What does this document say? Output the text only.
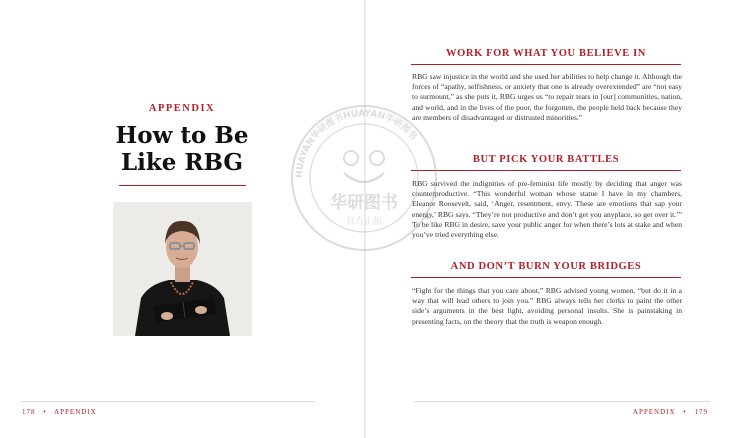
APPENDIX
How to Be
Like RBG
178 • APPENDIX
WORK FOR WHAT YOU BELIEVE IN
RBG saw injustice in the world and she used her abilities to help change it. Although the forces of “apathy, selfishness, or anxiety that one is already overextended” are “not easy to surmount,” as she puts it, RBG urges us “to repair tears in [our] communities, nation, and world, and in the lives of the poor, the forgotten, the people held back because they are members of disadvantaged or distrusted minorities.”
BUT PICK YOUR BATTLES
RBG survived the indignities of pre-feminist life mostly by deciding that anger was counterproductive. “This wonderful woman whose statue I have in my chambers, Eleanor Roosevelt, said, ‘Anger, resentment, envy. These are emotions that sap your energy,’ RBG says. “They’re not productive and don’t get you anyplace, so get over it.’” To be like RBG in desire, save your public anger for when there’s lots at stake and when you’ve tried everything else.
AND DON’T BURN YOUR BRIDGES
“Fight for the things that you care about,” RBG advised young women, “but do it in a way that will lead others to join you.” RBG always tells her clerks to paint the other side’s arguments in the best light, avoiding personal insults. She is painstaking in presenting facts, on the theory that the truth is weapon enough.
APPENDIX • 179
HUAYAN华研图书HUAYAN华研图书
华研图书
官方正版
